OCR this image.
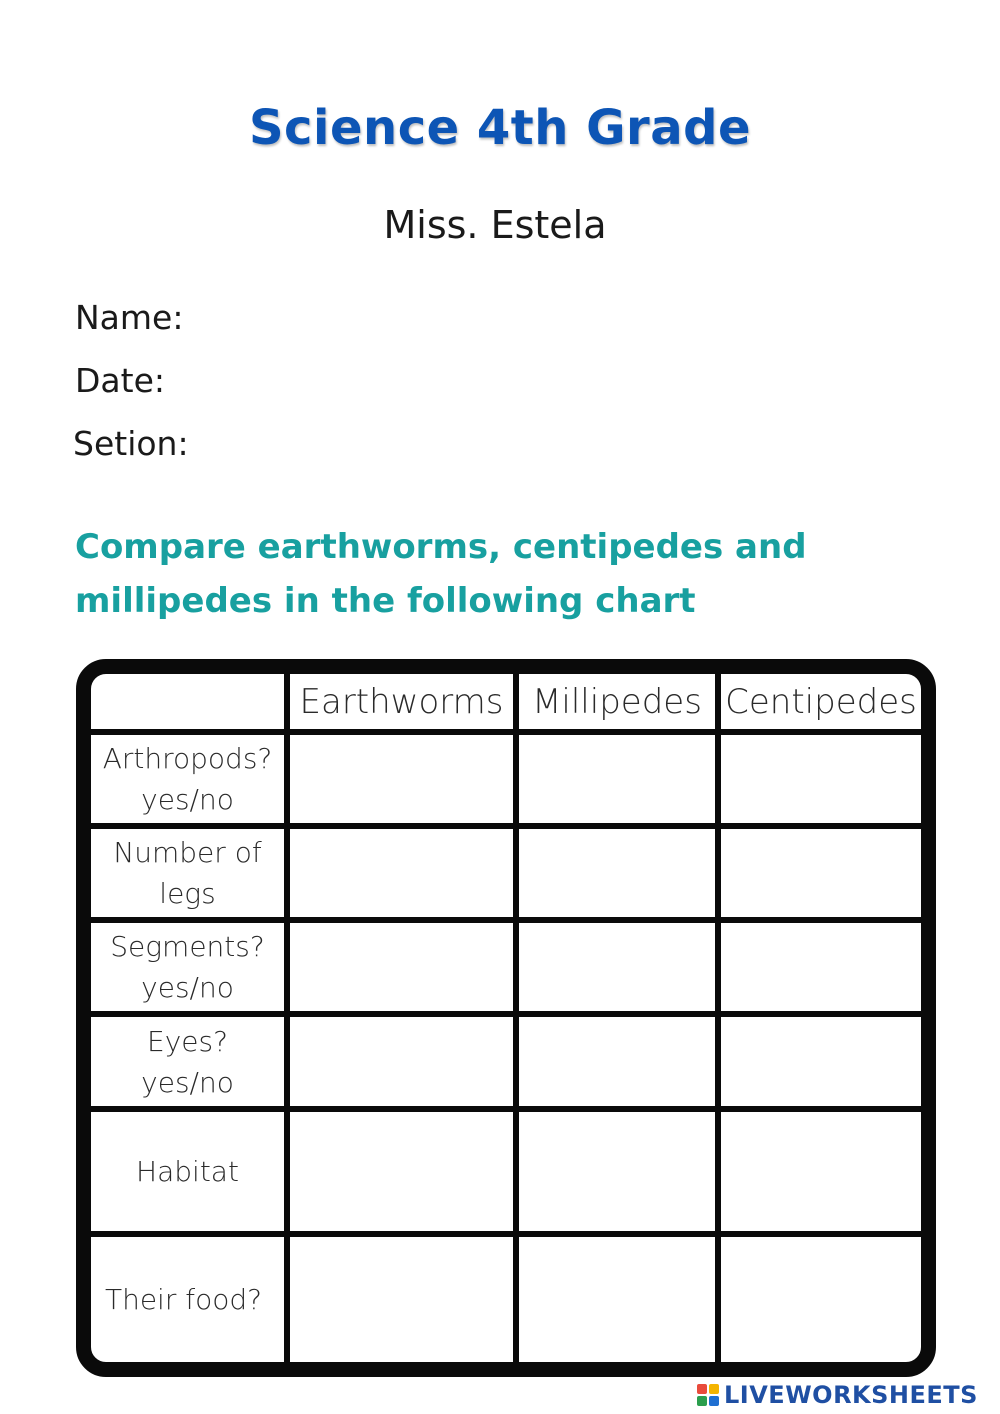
Science 4th Grade
Miss. Estela
Name:
Date:
Setion:
Compare earthworms, centipedes and
millipedes in the following chart
Earthworms Millipedes Centipedes
Arthropods?
yes/no
Number of
legs
Segments?
yes/no
Eyes?
yes/no
Habitat
Their food?
LIVEWORKSHEETS
